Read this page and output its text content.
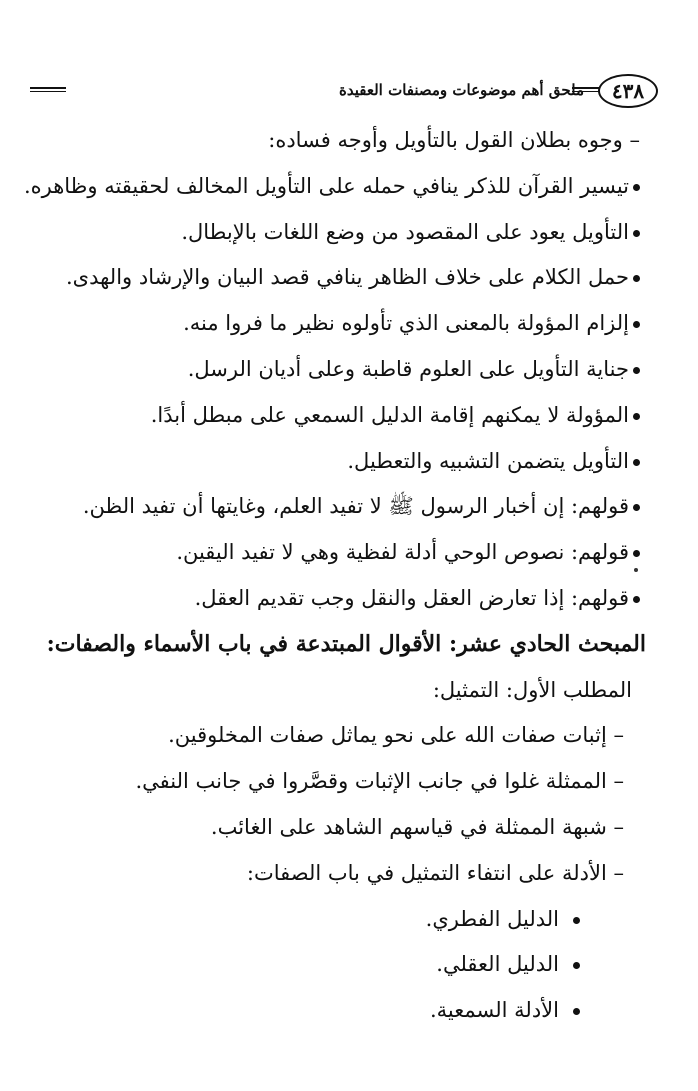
ملحق أهم موضوعات ومصنفات العقيدة	٤٣٨
– وجوه بطلان القول بالتأويل وأوجه فساده:
تيسير القرآن للذكر ينافي حمله على التأويل المخالف لحقيقته وظاهره.
التأويل يعود على المقصود من وضع اللغات بالإبطال.
حمل الكلام على خلاف الظاهر ينافي قصد البيان والإرشاد والهدى.
إلزام المؤولة بالمعنى الذي تأولوه نظير ما فروا منه.
جناية التأويل على العلوم قاطبة وعلى أديان الرسل.
المؤولة لا يمكنهم إقامة الدليل السمعي على مبطل أبدًا.
التأويل يتضمن التشبيه والتعطيل.
قولهم: إن أخبار الرسول ﷺ لا تفيد العلم، وغايتها أن تفيد الظن.
قولهم: نصوص الوحي أدلة لفظية وهي لا تفيد اليقين.
قولهم: إذا تعارض العقل والنقل وجب تقديم العقل.
المبحث الحادي عشر: الأقوال المبتدعة في باب الأسماء والصفات:
المطلب الأول: التمثيل:
– إثبات صفات الله على نحو يماثل صفات المخلوقين.
– الممثلة غلوا في جانب الإثبات وقصَّروا في جانب النفي.
– شبهة الممثلة في قياسهم الشاهد على الغائب.
– الأدلة على انتفاء التمثيل في باب الصفات:
الدليل الفطري.
الدليل العقلي.
الأدلة السمعية.
